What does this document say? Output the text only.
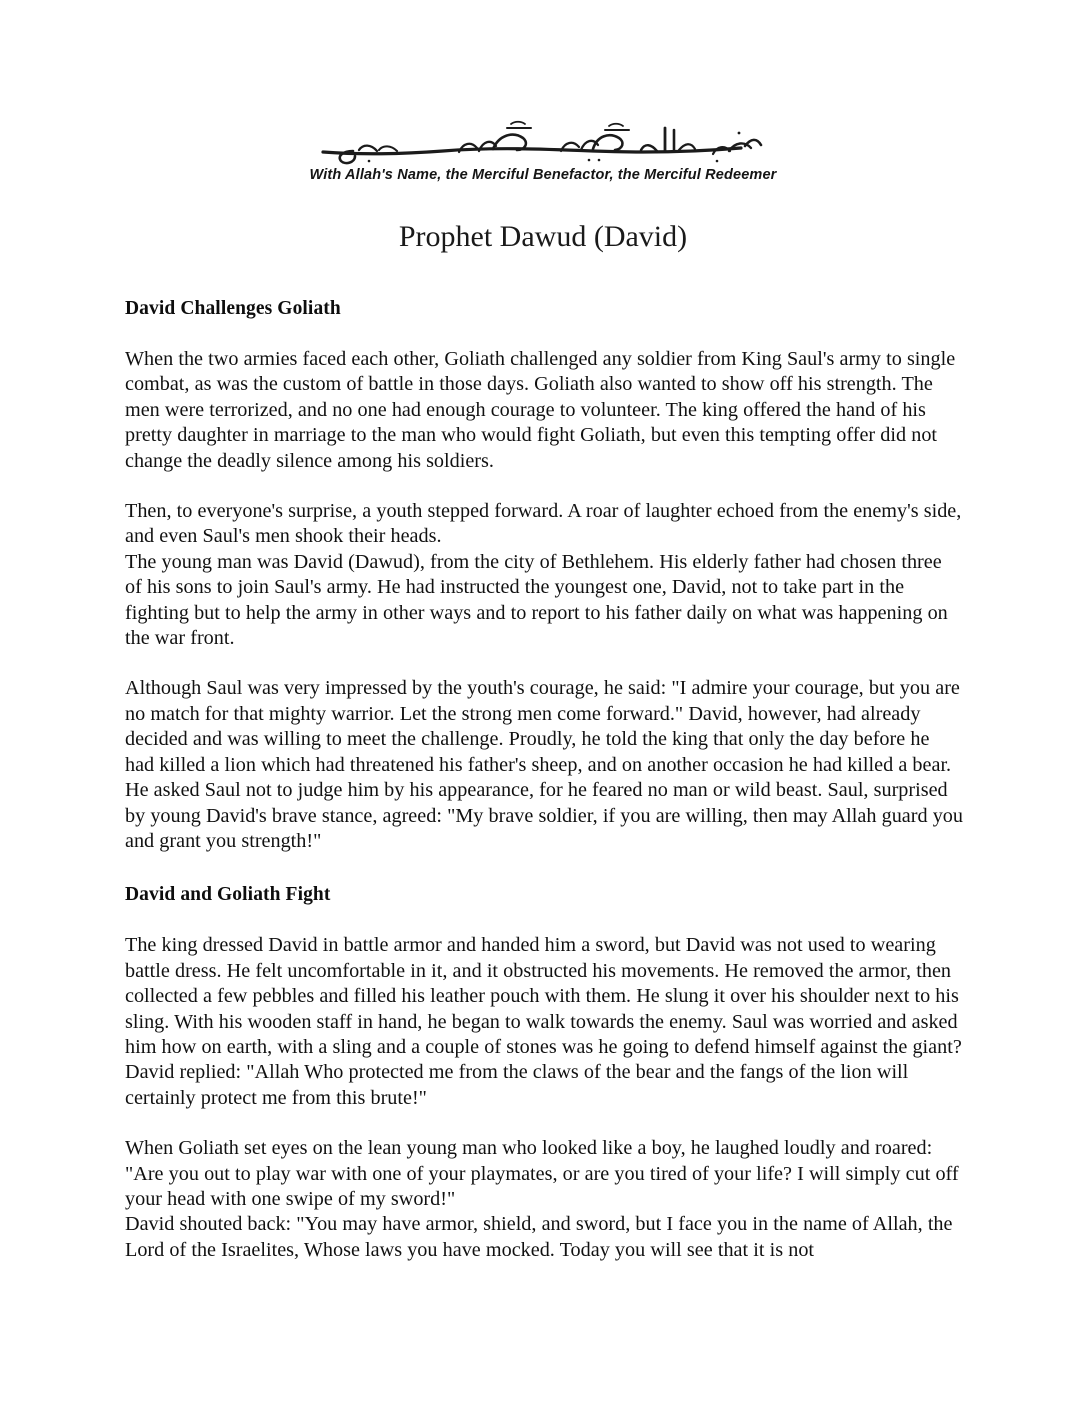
With Allah's Name, the Merciful Benefactor, the Merciful Redeemer
Prophet Dawud (David)
David Challenges Goliath

When the two armies faced each other, Goliath challenged any soldier from King Saul's army to single combat, as was the custom of battle in those days. Goliath also wanted to show off his strength. The men were terrorized, and no one had enough courage to volunteer. The king offered the hand of his pretty daughter in marriage to the man who would fight Goliath, but even this tempting offer did not change the deadly silence among his soldiers.

Then, to everyone's surprise, a youth stepped forward. A roar of laughter echoed from the enemy's side, and even Saul's men shook their heads.
The young man was David (Dawud), from the city of Bethlehem. His elderly father had chosen three of his sons to join Saul's army. He had instructed the youngest one, David, not to take part in the fighting but to help the army in other ways and to report to his father daily on what was happening on the war front.

Although Saul was very impressed by the youth's courage, he said: "I admire your courage, but you are no match for that mighty warrior. Let the strong men come forward." David, however, had already decided and was willing to meet the challenge. Proudly, he told the king that only the day before he had killed a lion which had threatened his father's sheep, and on another occasion he had killed a bear. He asked Saul not to judge him by his appearance, for he feared no man or wild beast. Saul, surprised by young David's brave stance, agreed: "My brave soldier, if you are willing, then may Allah guard you and grant you strength!"

David and Goliath Fight

The king dressed David in battle armor and handed him a sword, but David was not used to wearing battle dress. He felt uncomfortable in it, and it obstructed his movements. He removed the armor, then collected a few pebbles and filled his leather pouch with them. He slung it over his shoulder next to his sling. With his wooden staff in hand, he began to walk towards the enemy. Saul was worried and asked him how on earth, with a sling and a couple of stones was he going to defend himself against the giant? David replied: "Allah Who protected me from the claws of the bear and the fangs of the lion will certainly protect me from this brute!"

When Goliath set eyes on the lean young man who looked like a boy, he laughed loudly and roared: "Are you out to play war with one of your playmates, or are you tired of your life? I will simply cut off your head with one swipe of my sword!"
David shouted back: "You may have armor, shield, and sword, but I face you in the name of Allah, the Lord of the Israelites, Whose laws you have mocked. Today you will see that it is not
